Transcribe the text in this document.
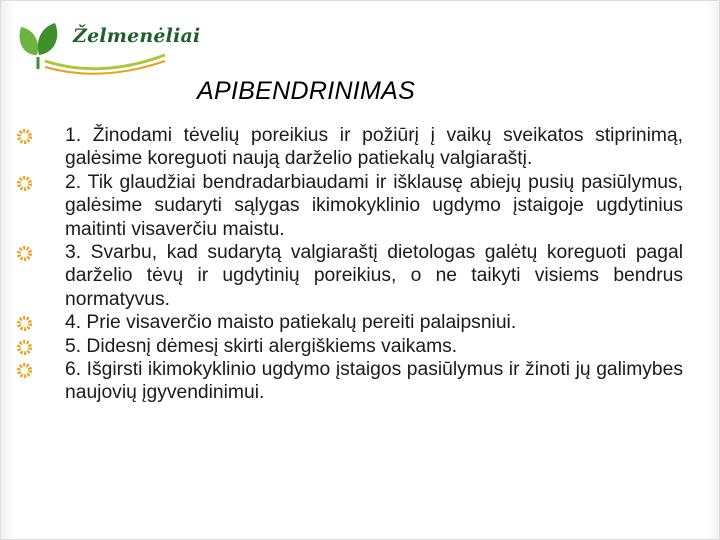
Želmenėliai
APIBENDRINIMAS
1. Žinodami tėvelių poreikius ir požiūrį į vaikų sveikatos stiprinimą, galėsime koreguoti naują darželio patiekalų valgiaraštį.
2. Tik glaudžiai bendradarbiaudami ir išklausę abiejų pusių pasiūlymus, galėsime sudaryti sąlygas ikimokyklinio ugdymo įstaigoje ugdytinius maitinti visaverčiu maistu.
3. Svarbu, kad sudarytą valgiaraštį dietologas galėtų koreguoti pagal darželio tėvų ir ugdytinių poreikius, o ne taikyti visiems bendrus normatyvus.
4. Prie visaverčio maisto patiekalų pereiti palaipsniui.
5. Didesnį dėmesį skirti alergiškiems vaikams.
6. Išgirsti ikimokyklinio ugdymo įstaigos pasiūlymus ir žinoti jų galimybes naujovių įgyvendinimui.
